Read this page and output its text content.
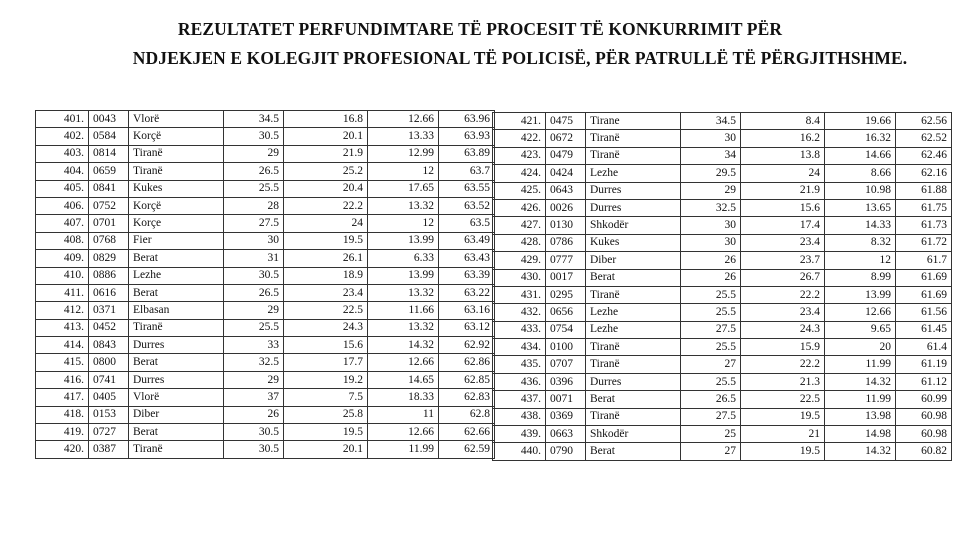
REZULTATET PERFUNDIMTARE TË PROCESIT TË KONKURRIMIT PËR
NDJEKJEN E KOLEGJIT PROFESIONAL TË POLICISË, PËR PATRULLË TË PËRGJITHSHME.
401.	0043	Vlorë	34.5	16.8	12.66	63.96
402.	0584	Korçë	30.5	20.1	13.33	63.93
403.	0814	Tiranë	29	21.9	12.99	63.89
404.	0659	Tiranë	26.5	25.2	12	63.7
405.	0841	Kukes	25.5	20.4	17.65	63.55
406.	0752	Korçë	28	22.2	13.32	63.52
407.	0701	Korçe	27.5	24	12	63.5
408.	0768	Fier	30	19.5	13.99	63.49
409.	0829	Berat	31	26.1	6.33	63.43
410.	0886	Lezhe	30.5	18.9	13.99	63.39
411.	0616	Berat	26.5	23.4	13.32	63.22
412.	0371	Elbasan	29	22.5	11.66	63.16
413.	0452	Tiranë	25.5	24.3	13.32	63.12
414.	0843	Durres	33	15.6	14.32	62.92
415.	0800	Berat	32.5	17.7	12.66	62.86
416.	0741	Durres	29	19.2	14.65	62.85
417.	0405	Vlorë	37	7.5	18.33	62.83
418.	0153	Diber	26	25.8	11	62.8
419.	0727	Berat	30.5	19.5	12.66	62.66
420.	0387	Tiranë	30.5	20.1	11.99	62.59
421.	0475	Tirane	34.5	8.4	19.66	62.56
422.	0672	Tiranë	30	16.2	16.32	62.52
423.	0479	Tiranë	34	13.8	14.66	62.46
424.	0424	Lezhe	29.5	24	8.66	62.16
425.	0643	Durres	29	21.9	10.98	61.88
426.	0026	Durres	32.5	15.6	13.65	61.75
427.	0130	Shkodër	30	17.4	14.33	61.73
428.	0786	Kukes	30	23.4	8.32	61.72
429.	0777	Diber	26	23.7	12	61.7
430.	0017	Berat	26	26.7	8.99	61.69
431.	0295	Tiranë	25.5	22.2	13.99	61.69
432.	0656	Lezhe	25.5	23.4	12.66	61.56
433.	0754	Lezhe	27.5	24.3	9.65	61.45
434.	0100	Tiranë	25.5	15.9	20	61.4
435.	0707	Tiranë	27	22.2	11.99	61.19
436.	0396	Durres	25.5	21.3	14.32	61.12
437.	0071	Berat	26.5	22.5	11.99	60.99
438.	0369	Tiranë	27.5	19.5	13.98	60.98
439.	0663	Shkodër	25	21	14.98	60.98
440.	0790	Berat	27	19.5	14.32	60.82
